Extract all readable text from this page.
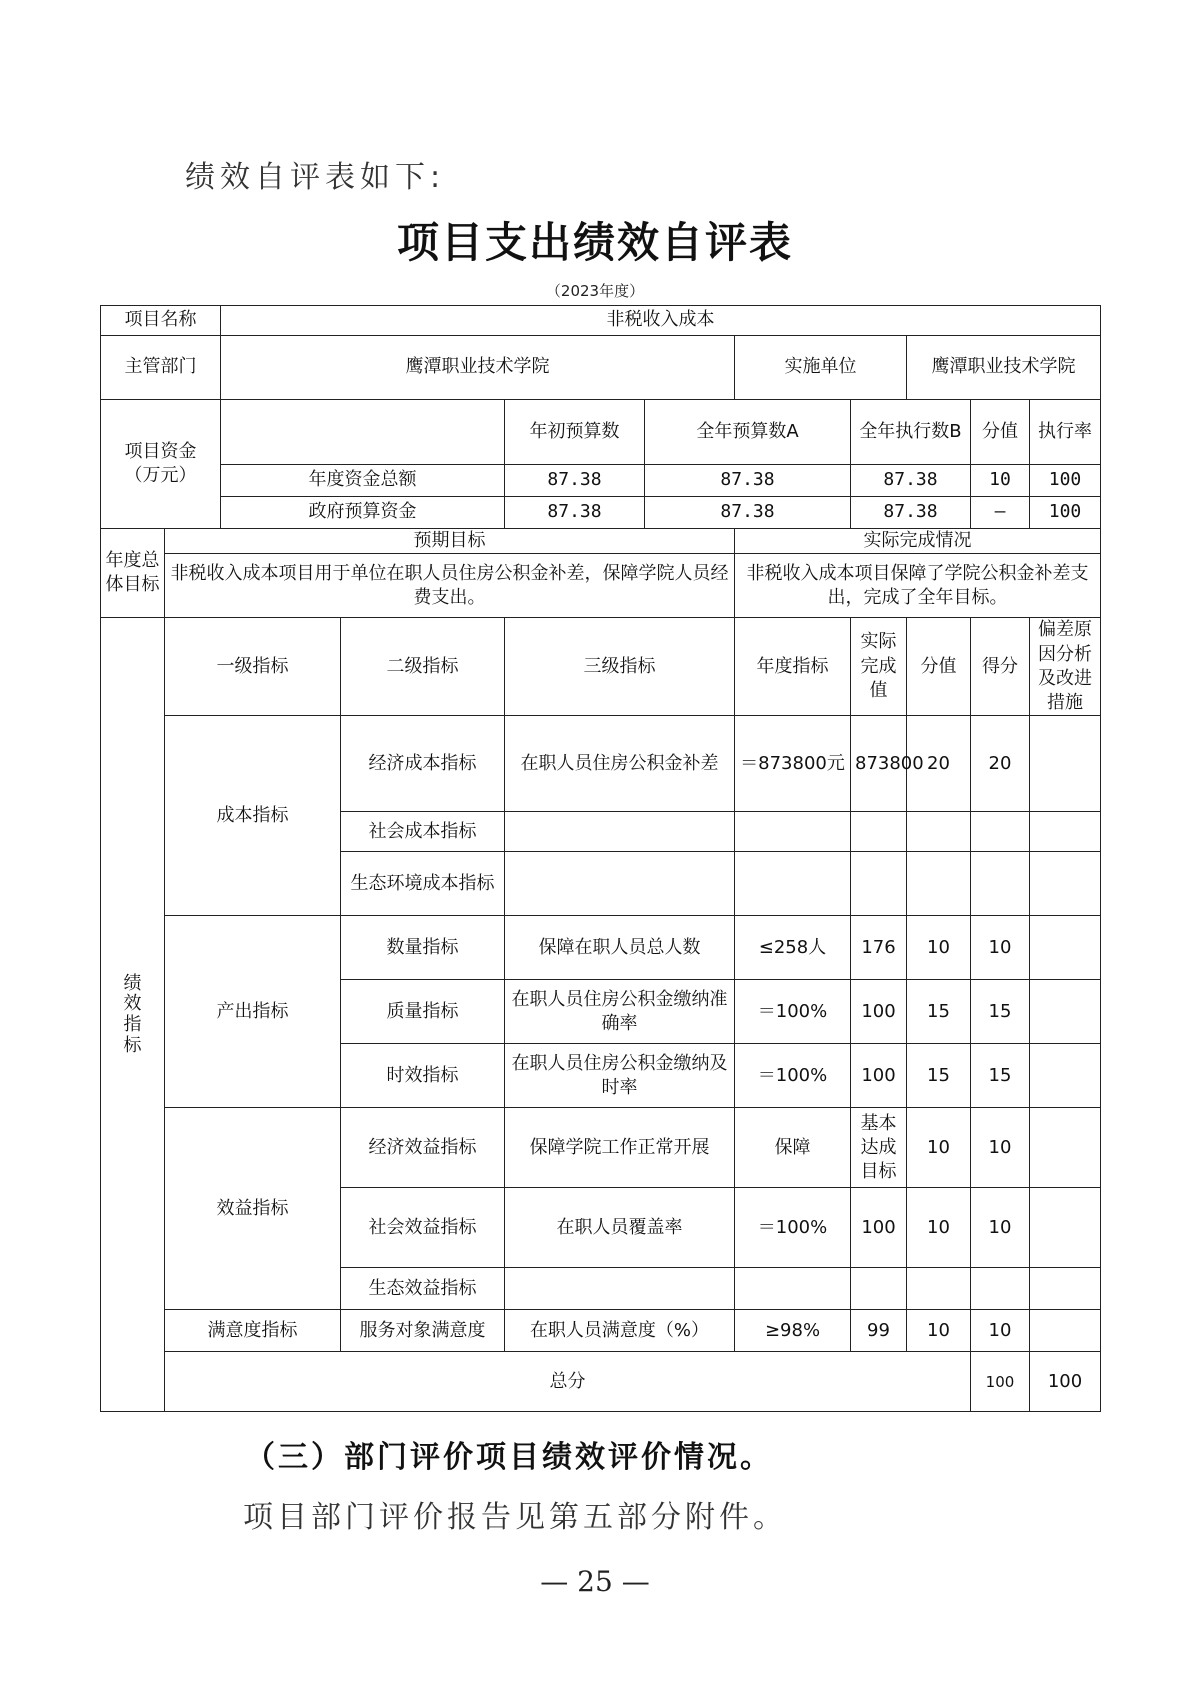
绩效自评表如下:
项目支出绩效自评表
（2023年度）
项目名称		非税收入成本									
主管部门		鹰潭职业技术学院				实施单位		鹰潭职业技术学院			

项目资金
（万元）				年初预算数	全年预算数A		全年执行数B		分值	执行率	
		年度资金总额		87.38	87.38		87.38		10	100	
		政府预算资金		87.38	87.38		87.38		—	100	
年度总体目标	预期目标					实际完成情况					
	非税收入成本项目用于单位在职人员住房公积金补差，保障学院人员经费支出。					非税收入成本项目保障了学院公积金补差支出，完成了全年目标。					

绩效指标	一级指标		二级指标	三级指标		年度指标	实际完成值	分值	得分	偏差原因分析及改进措施	
	成本指标		经济成本指标	在职人员住房公积金补差		＝873800元	873800	20	20		
			社会成本指标								
			生态环境成本指标								
	产出指标		数量指标	保障在职人员总人数		≤258人	176	10	10		
			质量指标	在职人员住房公积金缴纳准确率		＝100%	100	15	15		
			时效指标	在职人员住房公积金缴纳及时率		＝100%	100	15	15		
	效益指标		经济效益指标	保障学院工作正常开展		保障	基本达成目标	10	10		
			社会效益指标	在职人员覆盖率		＝100%	100	10	10		
			生态效益指标								
	满意度指标		服务对象满意度	在职人员满意度（%）		≥98%	99	10	10		
	总分								100	100	
（三）部门评价项目绩效评价情况。
项目部门评价报告见第五部分附件。
— 25 —
